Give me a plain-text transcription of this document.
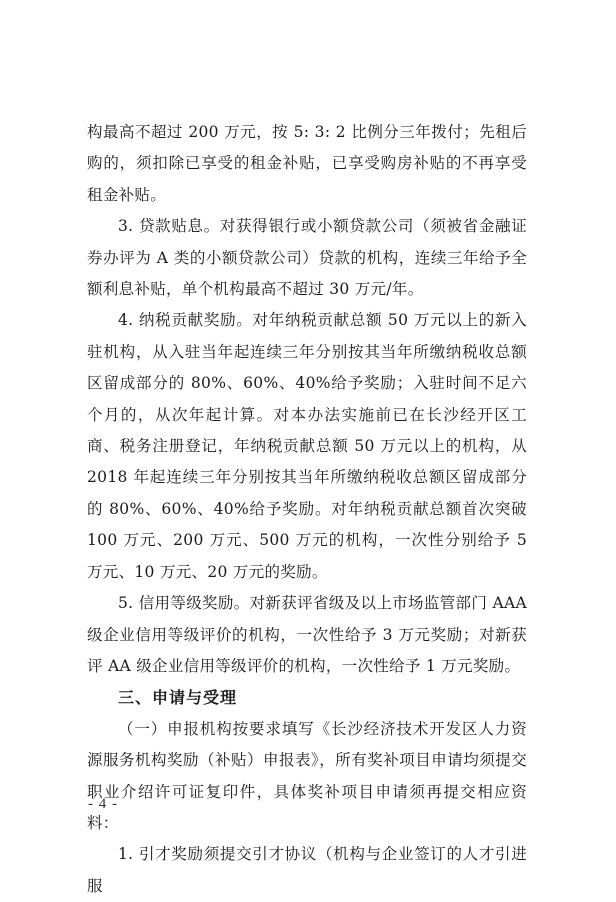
构最高不超过 200 万元，按 5: 3: 2 比例分三年拨付；先租后购的，须扣除已享受的租金补贴，已享受购房补贴的不再享受租金补贴。

3. 贷款贴息。对获得银行或小额贷款公司（须被省金融证券办评为 A 类的小额贷款公司）贷款的机构，连续三年给予全额利息补贴，单个机构最高不超过 30 万元/年。

4. 纳税贡献奖励。对年纳税贡献总额 50 万元以上的新入驻机构，从入驻当年起连续三年分别按其当年所缴纳税收总额区留成部分的 80%、60%、40%给予奖励；入驻时间不足六个月的，从次年起计算。对本办法实施前已在长沙经开区工商、税务注册登记，年纳税贡献总额 50 万元以上的机构，从 2018 年起连续三年分别按其当年所缴纳税收总额区留成部分的 80%、60%、40%给予奖励。对年纳税贡献总额首次突破 100 万元、200 万元、500 万元的机构，一次性分别给予 5 万元、10 万元、20 万元的奖励。

5. 信用等级奖励。对新获评省级及以上市场监管部门 AAA 级企业信用等级评价的机构，一次性给予 3 万元奖励；对新获评 AA 级企业信用等级评价的机构，一次性给予 1 万元奖励。

三、申请与受理

（一）申报机构按要求填写《长沙经济技术开发区人力资源服务机构奖励（补贴）申报表》，所有奖补项目申请均须提交职业介绍许可证复印件，具体奖补项目申请须再提交相应资料：

1. 引才奖励须提交引才协议（机构与企业签订的人才引进服

- 4 -
